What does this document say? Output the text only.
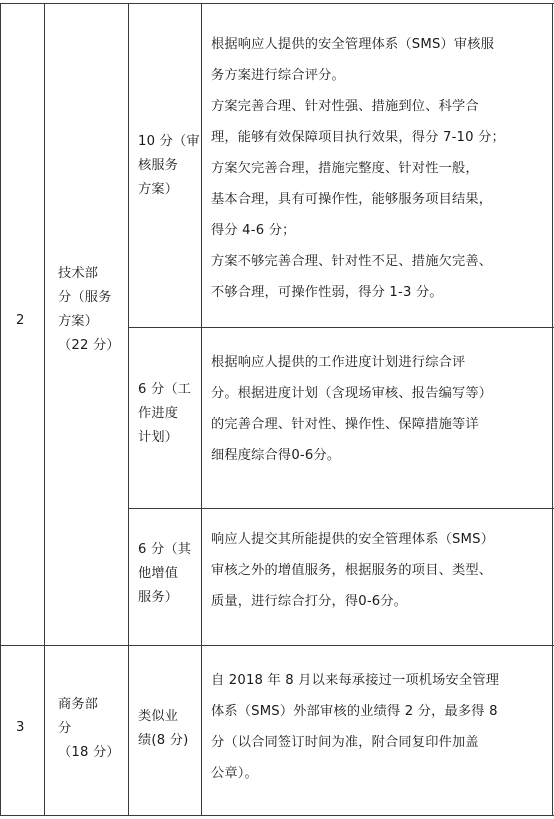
2

技术部

分（服务

方案）

（22 分）

10 分（审

核服务

方案）

根据响应人提供的安全管理体系（SMS）审核服

务方案进行综合评分。

方案完善合理、针对性强、措施到位、科学合

理，能够有效保障项目执行效果，得分 7-10 分；

方案欠完善合理，措施完整度、针对性一般，

基本合理，具有可操作性，能够服务项目结果，

得分 4-6 分；

方案不够完善合理、针对性不足、措施欠完善、

不够合理，可操作性弱，得分 1-3 分。

6 分（工

作进度

计划）

根据响应人提供的工作进度计划进行综合评

分。根据进度计划（含现场审核、报告编写等）

的完善合理、针对性、操作性、保障措施等详

细程度综合得0-6分。

6 分（其

他增值

服务）

响应人提交其所能提供的安全管理体系（SMS）

审核之外的增值服务，根据服务的项目、类型、

质量，进行综合打分，得0-6分。

3

商务部

分

（18 分）

类似业

绩(8 分)

自 2018 年 8 月以来每承接过一项机场安全管理

体系（SMS）外部审核的业绩得 2 分，最多得 8

分（以合同签订时间为准，附合同复印件加盖

公章）。
